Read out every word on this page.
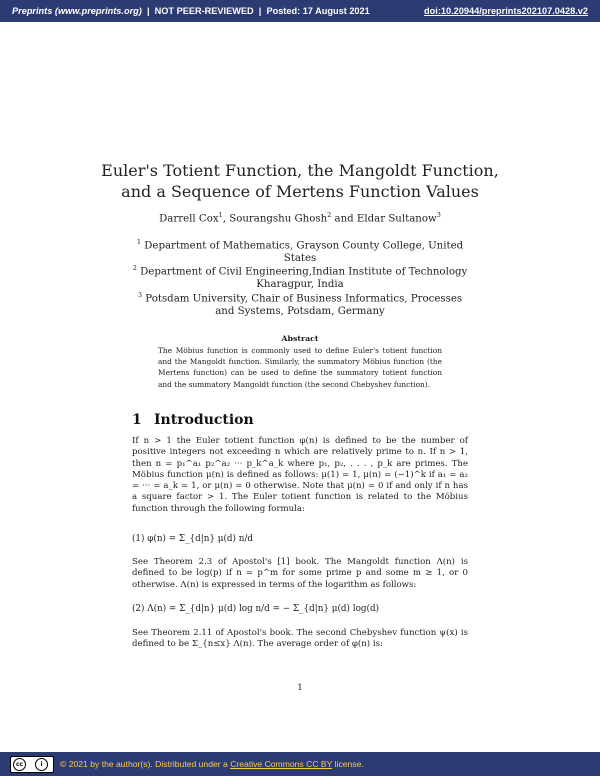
Preprints (www.preprints.org) | NOT PEER-REVIEWED | Posted: 17 August 2021	doi:10.20944/preprints202107.0428.v2
Euler's Totient Function, the Mangoldt Function,
and a Sequence of Mertens Function Values
Darrell Cox$^1$, Sourangshu Ghosh$^2$ and Eldar Sultanow$^3$
$^1$ Department of Mathematics, Grayson County College, United States
$^2$ Department of Civil Engineering,Indian Institute of Technology Kharagpur, India
$^3$ Potsdam University, Chair of Business Informatics, Processes and Systems, Potsdam, Germany
Abstract
The Möbius function is commonly used to define Euler's totient function and the Mangoldt function. Similarly, the summatory Möbius function (the Mertens function) can be used to define the summatory totient function and the summatory Mangoldt function (the second Chebyshev function).
1 Introduction
If n > 1 the Euler totient function φ(n) is defined to be the number of positive integers not exceeding n which are relatively prime to n. If n > 1, then n = p₁^a₁ p₂^a₂ ··· p_k^a_k where p₁, p₂, . . . , p_k are primes. The Möbius function μ(n) is defined as follows: μ(1) = 1, μ(n) = (−1)^k if a₁ = a₂ = ··· = a_k = 1, or μ(n) = 0 otherwise. Note that μ(n) = 0 if and only if n has a square factor > 1. The Euler totient function is related to the Möbius function through the following formula:
(1) φ(n) = Σ_{d|n} μ(d) n/d
See Theorem 2.3 of Apostol's [1] book. The Mangoldt function Λ(n) is defined to be log(p) if n = p^m for some prime p and some m ≥ 1, or 0 otherwise. Λ(n) is expressed in terms of the logarithm as follows:
(2) Λ(n) = Σ_{d|n} μ(d) log n/d = − Σ_{d|n} μ(d) log(d)
See Theorem 2.11 of Apostol's book. The second Chebyshev function ψ(x) is defined to be Σ_{n≤x} Λ(n). The average order of φ(n) is:
1
cc	i	© 2021 by the author(s). Distributed under a Creative Commons CC BY license.
